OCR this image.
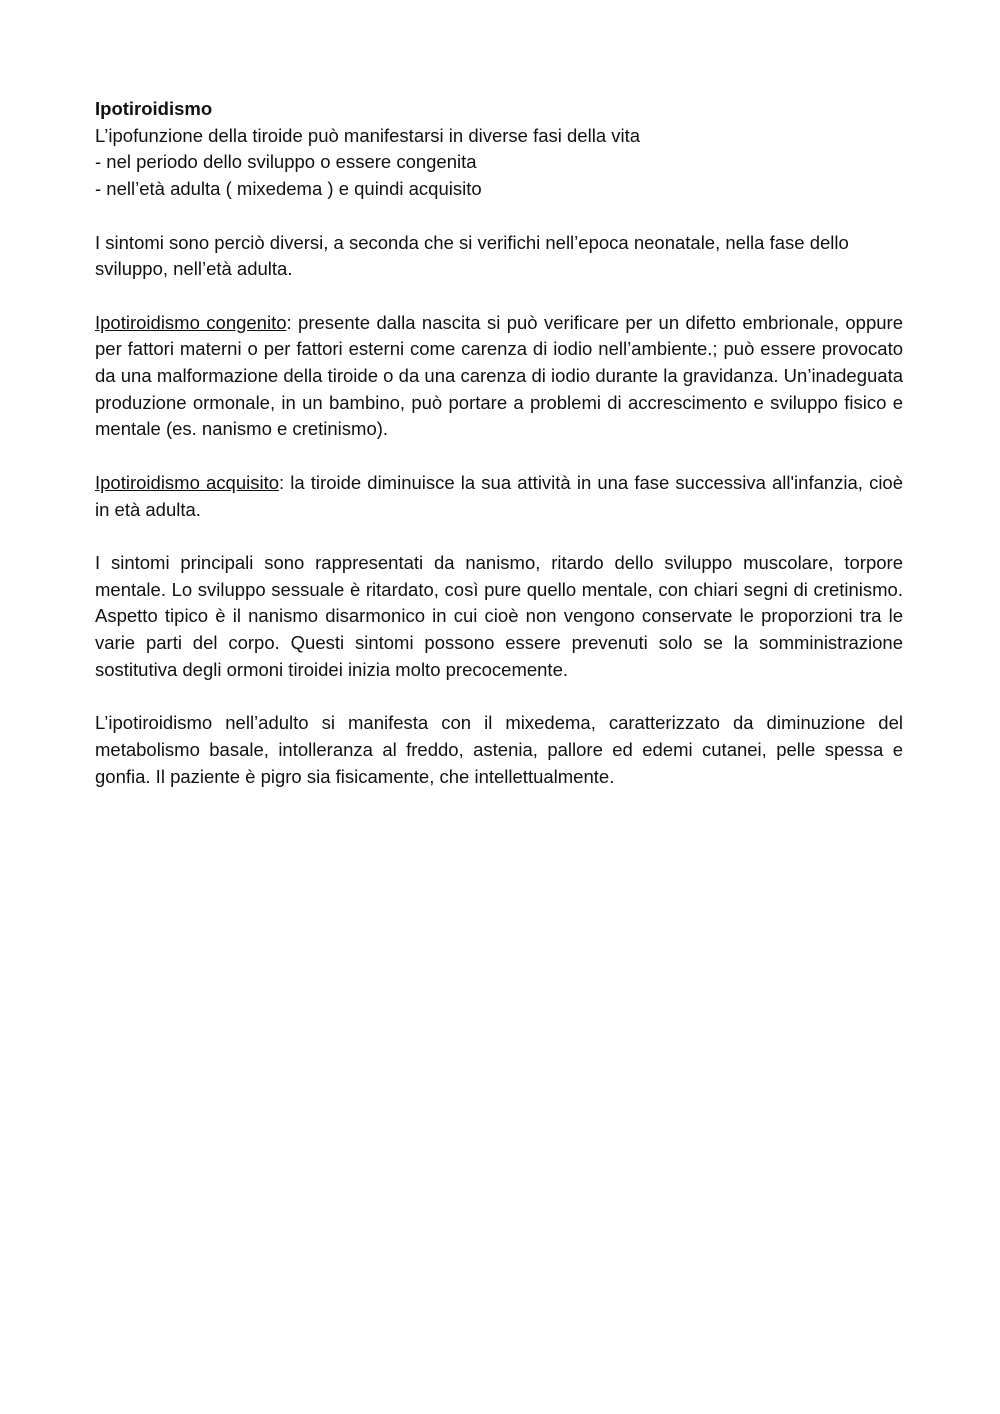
Ipotiroidismo

L’ipofunzione della tiroide può manifestarsi in diverse fasi della vita

- nel periodo dello sviluppo o essere congenita

- nell’età adulta ( mixedema ) e quindi acquisito

I sintomi sono perciò diversi, a seconda che si verifichi nell’epoca neonatale, nella fase dello sviluppo, nell’età adulta.

Ipotiroidismo congenito: presente dalla nascita si può verificare per un difetto embrionale, oppure per fattori materni o per fattori esterni come carenza di iodio nell’ambiente.; può essere provocato da una malformazione della tiroide o da una carenza di iodio durante la gravidanza. Un’inadeguata produzione ormonale, in un bambino, può portare a problemi di accrescimento e sviluppo fisico e mentale (es. nanismo e cretinismo).

Ipotiroidismo acquisito: la tiroide diminuisce la sua attività in una fase successiva all'infanzia, cioè in età adulta.

I sintomi principali sono rappresentati da nanismo, ritardo dello sviluppo muscolare, torpore mentale. Lo sviluppo sessuale è ritardato, così pure quello mentale, con chiari segni di cretinismo. Aspetto tipico è il nanismo disarmonico in cui cioè non vengono conservate le proporzioni tra le varie parti del corpo. Questi sintomi possono essere prevenuti solo se la somministrazione sostitutiva degli ormoni tiroidei inizia molto precocemente.

L’ipotiroidismo nell’adulto si manifesta con il mixedema, caratterizzato da diminuzione del metabolismo basale, intolleranza al freddo, astenia, pallore ed edemi cutanei, pelle spessa e gonfia. Il paziente è pigro sia fisicamente, che intellettualmente.
